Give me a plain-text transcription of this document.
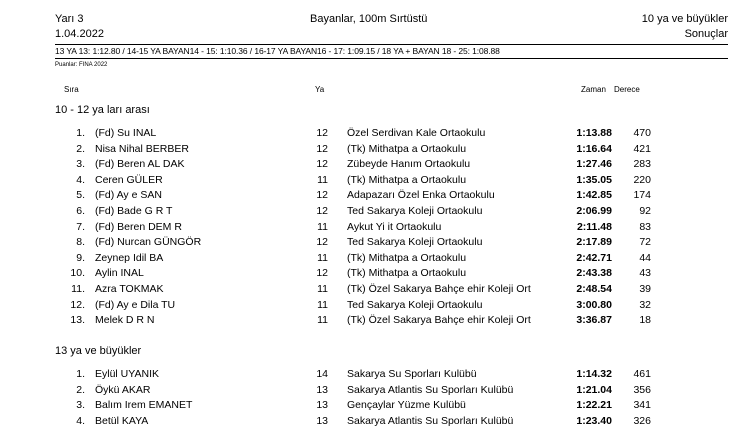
Yarı 3
1.04.2022
Bayanlar, 100m Sırtüstü	10 ya ve büyükler
Sonuçlar
13 YA 13: 1:12.80 / 14-15 YA BAYAN14 - 15: 1:10.36 / 16-17 YA BAYAN16 - 17: 1:09.15 / 18 YA + BAYAN 18 - 25: 1:08.88
Puanlar: FINA 2022
Sıra	Ya	Zaman Derece
10 - 12 ya ları arası
1. (Fd) Su INAL	12 Özel Serdivan Kale Ortaokulu	1:13.88	470
2. Nisa Nihal BERBER	12 (Tk) Mithatpa a Ortaokulu	1:16.64	421
3. (Fd) Beren AL DAK	12 Zübeyde Hanım Ortaokulu	1:27.46	283
4. Ceren GÜLER	11 (Tk) Mithatpa a Ortaokulu	1:35.05	220
5. (Fd) Ay e SAN	12 Adapazarı Özel Enka Ortaokulu	1:42.85	174
6. (Fd) Bade G R T	12 Ted Sakarya Koleji Ortaokulu	2:06.99	92
7. (Fd) Beren DEM R	11 Aykut Yi it Ortaokulu	2:11.48	83
8. (Fd) Nurcan GÜNGÖR	12 Ted Sakarya Koleji Ortaokulu	2:17.89	72
9. Zeynep Idil BA	11 (Tk) Mithatpa a Ortaokulu	2:42.71	44
10. Aylin INAL	12 (Tk) Mithatpa a Ortaokulu	2:43.38	43
11. Azra TOKMAK	11 (Tk) Özel Sakarya Bahçe ehir Koleji Ort	2:48.54	39
12. (Fd) Ay e Dila TU	11 Ted Sakarya Koleji Ortaokulu	3:00.80	32
13. Melek D R N	11 (Tk) Özel Sakarya Bahçe ehir Koleji Ort	3:36.87	18
13 ya ve büyükler
1. Eylül UYANIK	14 Sakarya Su Sporları Kulübü	1:14.32	461
2. Öykü AKAR	13 Sakarya Atlantis Su Sporları Kulübü	1:21.04	356
3. Balım Irem EMANET	13 Gençaylar Yüzme Kulübü	1:22.21	341
4. Betül KAYA	13 Sakarya Atlantis Su Sporları Kulübü	1:23.40	326
